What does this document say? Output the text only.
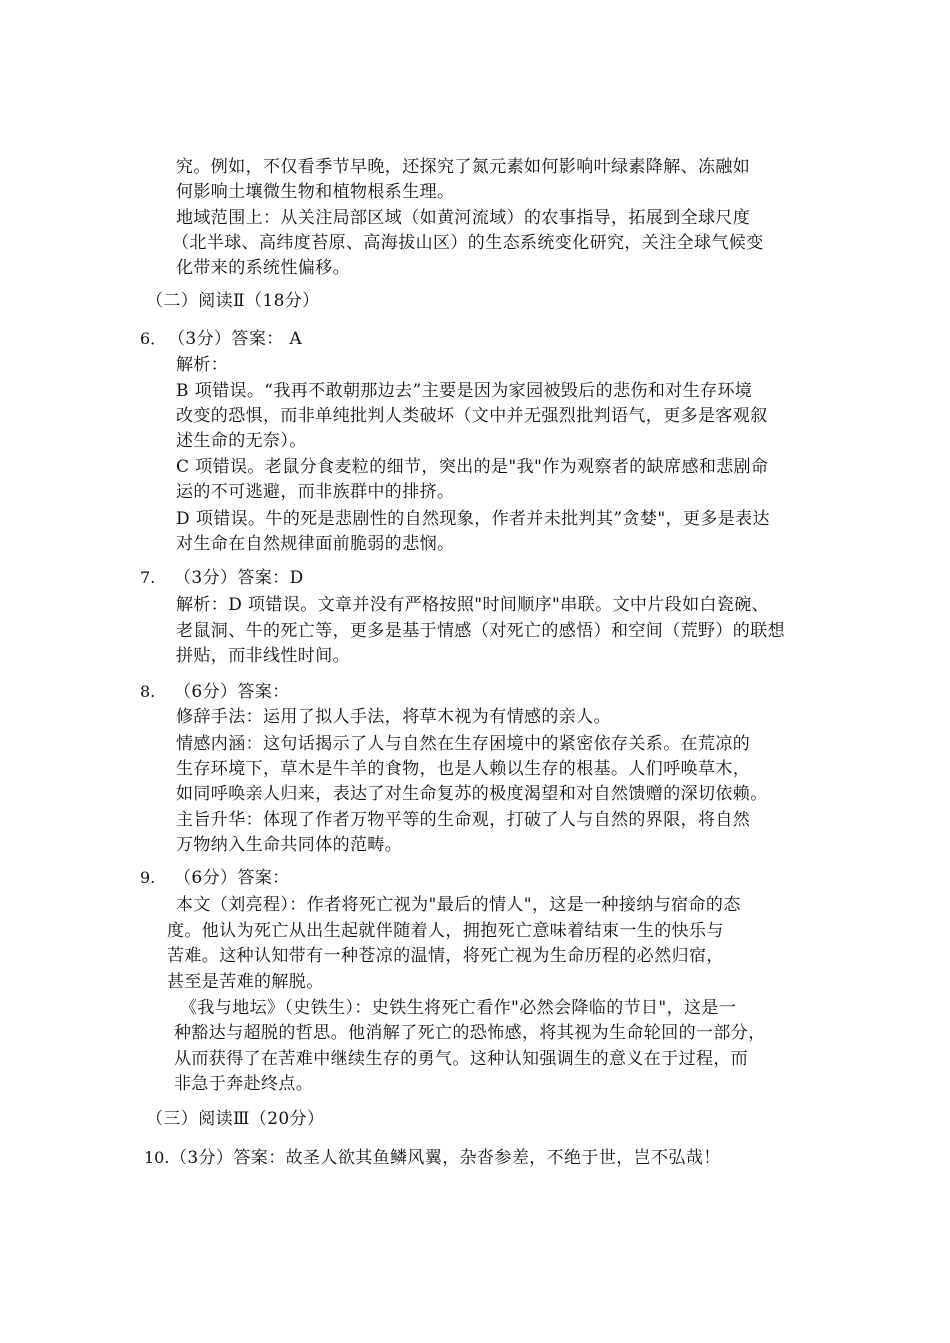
究。例如，不仅看季节早晚，还探究了氮元素如何影响叶绿素降解、冻融如
何影响土壤微生物和植物根系生理。
地域范围上：从关注局部区域（如黄河流域）的农事指导，拓展到全球尺度
（北半球、高纬度苔原、高海拔山区）的生态系统变化研究，关注全球气候变
化带来的系统性偏移。
（二）阅读Ⅱ（18分）
6． （3分）答案： A
解析：
B 项错误。“我再不敢朝那边去”主要是因为家园被毁后的悲伤和对生存环境
改变的恐惧，而非单纯批判人类破坏（文中并无强烈批判语气，更多是客观叙
述生命的无奈）。
C 项错误。老鼠分食麦粒的细节，突出的是"我"作为观察者的缺席感和悲剧命
运的不可逃避，而非族群中的排挤。
D 项错误。牛的死是悲剧性的自然现象，作者并未批判其”贪婪"，更多是表达
对生命在自然规律面前脆弱的悲悯。
7. （3分）答案：D
解析：D 项错误。文章并没有严格按照"时间顺序"串联。文中片段如白瓷碗、
老鼠洞、牛的死亡等，更多是基于情感（对死亡的感悟）和空间（荒野）的联想
拼贴，而非线性时间。
8. （6分）答案：
修辞手法：运用了拟人手法，将草木视为有情感的亲人。
情感内涵：这句话揭示了人与自然在生存困境中的紧密依存关系。在荒凉的
生存环境下，草木是牛羊的食物，也是人赖以生存的根基。人们呼唤草木，
如同呼唤亲人归来，表达了对生命复苏的极度渴望和对自然馈赠的深切依赖。
主旨升华：体现了作者万物平等的生命观，打破了人与自然的界限，将自然
万物纳入生命共同体的范畴。
9. （6分）答案：
本文（刘亮程）：作者将死亡视为"最后的情人"，这是一种接纳与宿命的态
度。他认为死亡从出生起就伴随着人，拥抱死亡意味着结束一生的快乐与
苦难。这种认知带有一种苍凉的温情，将死亡视为生命历程的必然归宿，
甚至是苦难的解脱。
《我与地坛》（史铁生）：史铁生将死亡看作"必然会降临的节日"，这是一
种豁达与超脱的哲思。他消解了死亡的恐怖感，将其视为生命轮回的一部分，
从而获得了在苦难中继续生存的勇气。这种认知强调生的意义在于过程，而
非急于奔赴终点。
（三）阅读Ⅲ（20分）
10. （3分）答案：故圣人欲其鱼鳞风翼，杂沓参差，不绝于世，岂不弘哉！
